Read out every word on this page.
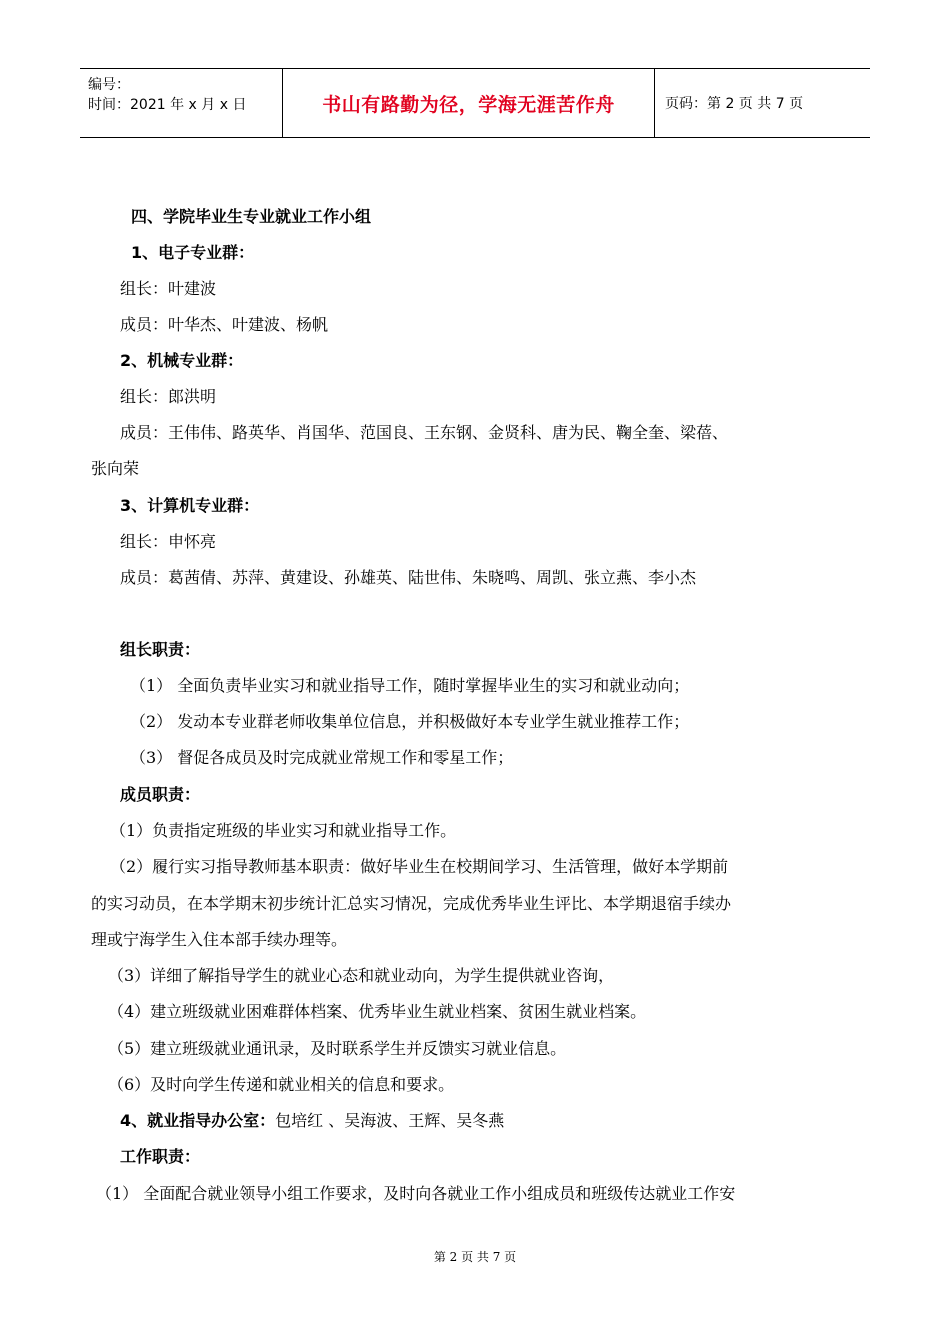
编号：
时间：2021 年 x 月 x 日	书山有路勤为径，学海无涯苦作舟	页码：第 2 页 共 7 页
四、学院毕业生专业就业工作小组
1、电子专业群：
组长：叶建波
成员：叶华杰、叶建波、杨帆
2、机械专业群：
组长：郎洪明
成员：王伟伟、路英华、肖国华、范国良、王东钢、金贤科、唐为民、鞠全奎、梁蓓、
张向荣
3、计算机专业群：
组长：申怀亮
成员：葛茜倩、苏萍、黄建设、孙雄英、陆世伟、朱晓鸣、周凯、张立燕、李小杰
组长职责：
（1） 全面负责毕业实习和就业指导工作，随时掌握毕业生的实习和就业动向；
（2） 发动本专业群老师收集单位信息，并积极做好本专业学生就业推荐工作；
（3） 督促各成员及时完成就业常规工作和零星工作；
成员职责：
（1）负责指定班级的毕业实习和就业指导工作。
（2）履行实习指导教师基本职责：做好毕业生在校期间学习、生活管理，做好本学期前
的实习动员，在本学期末初步统计汇总实习情况，完成优秀毕业生评比、本学期退宿手续办
理或宁海学生入住本部手续办理等。
（3）详细了解指导学生的就业心态和就业动向，为学生提供就业咨询，
（4）建立班级就业困难群体档案、优秀毕业生就业档案、贫困生就业档案。
（5）建立班级就业通讯录，及时联系学生并反馈实习就业信息。
（6）及时向学生传递和就业相关的信息和要求。
4、就业指导办公室：包培红 、吴海波、王辉、吴冬燕
工作职责：
（1） 全面配合就业领导小组工作要求，及时向各就业工作小组成员和班级传达就业工作安
第 2 页 共 7 页
